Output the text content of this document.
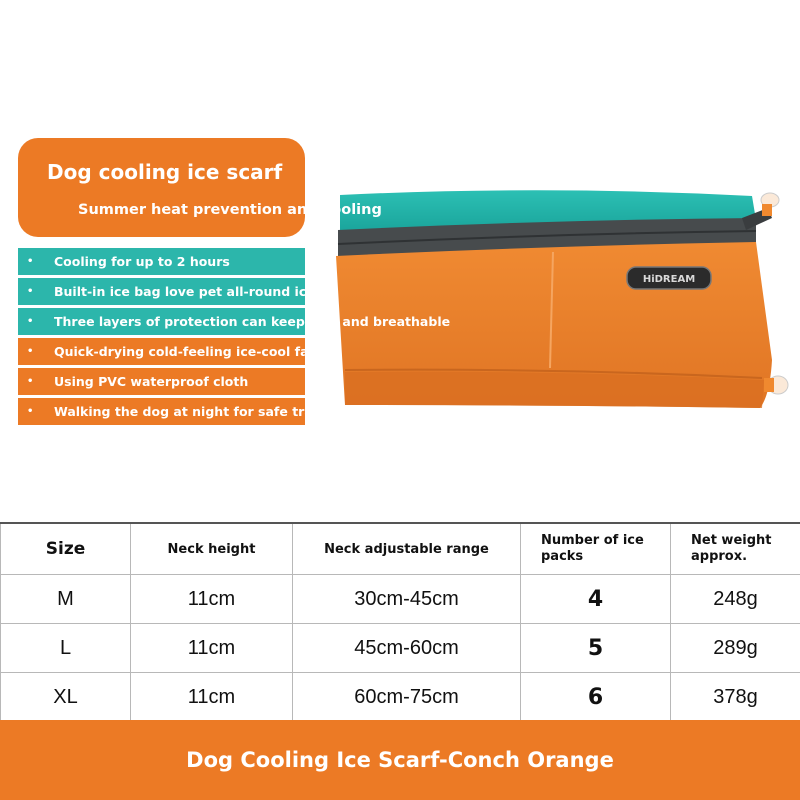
HiDREAM
Dog cooling ice scarf
Summer heat prevention and cooling
• Cooling for up to 2 hours
• Built-in ice bag love pet all-round ice
• Three layers of protection can keep cool and breathable
• Quick-drying cold-feeling ice-cool fabric
• Using PVC waterproof cloth
• Walking the dog at night for safe travel
Size	Neck height	Neck adjustable range	Number of ice packs	Net weight approx.
M	11cm	30cm-45cm	4	248g
L	11cm	45cm-60cm	5	289g
XL	11cm	60cm-75cm	6	378g
Dog Cooling Ice Scarf-Conch Orange
